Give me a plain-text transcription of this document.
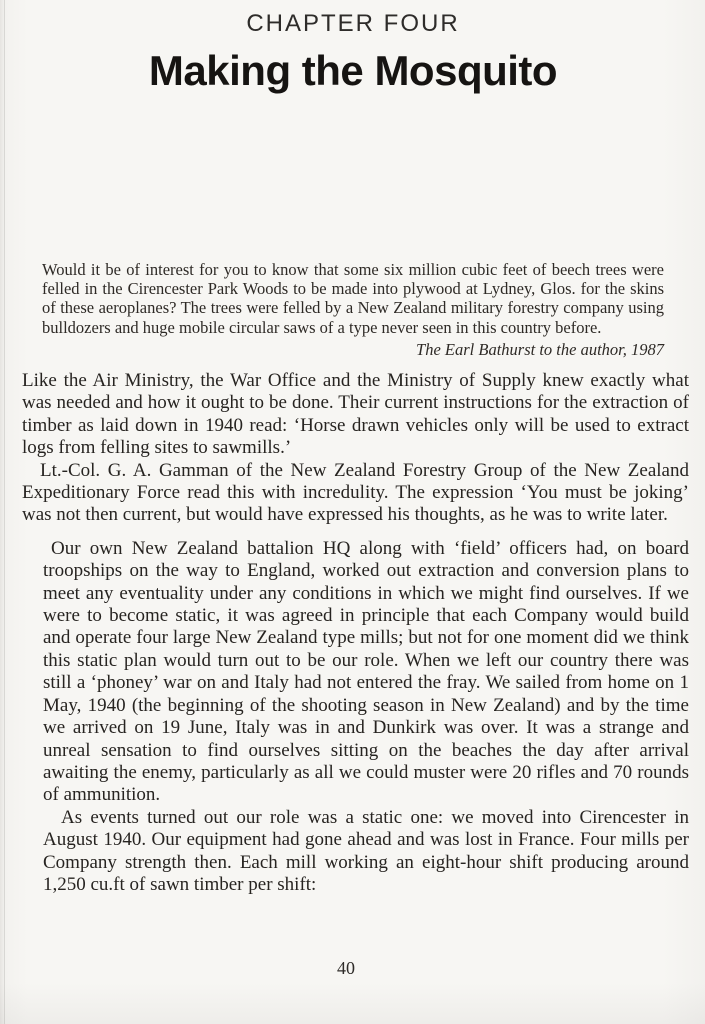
CHAPTER FOUR
Making the Mosquito
Would it be of interest for you to know that some six million cubic feet of beech trees were felled in the Cirencester Park Woods to be made into plywood at Lydney, Glos. for the skins of these aeroplanes? The trees were felled by a New Zealand military forestry company using bulldozers and huge mobile circular saws of a type never seen in this country before.
The Earl Bathurst to the author, 1987

Like the Air Ministry, the War Office and the Ministry of Supply knew exactly what was needed and how it ought to be done. Their current instructions for the extraction of timber as laid down in 1940 read: ‘Horse drawn vehicles only will be used to extract logs from felling sites to sawmills.’

Lt.-Col. G. A. Gamman of the New Zealand Forestry Group of the New Zealand Expeditionary Force read this with incredulity. The expression ‘You must be joking’ was not then current, but would have expressed his thoughts, as he was to write later.

Our own New Zealand battalion HQ along with ‘field’ officers had, on board troopships on the way to England, worked out extraction and conversion plans to meet any eventuality under any conditions in which we might find ourselves. If we were to become static, it was agreed in principle that each Company would build and operate four large New Zealand type mills; but not for one moment did we think this static plan would turn out to be our role. When we left our country there was still a ‘phoney’ war on and Italy had not entered the fray. We sailed from home on 1 May, 1940 (the beginning of the shooting season in New Zealand) and by the time we arrived on 19 June, Italy was in and Dunkirk was over. It was a strange and unreal sensation to find ourselves sitting on the beaches the day after arrival awaiting the enemy, particularly as all we could muster were 20 rifles and 70 rounds of ammunition.

As events turned out our role was a static one: we moved into Cirencester in August 1940. Our equipment had gone ahead and was lost in France. Four mills per Company strength then. Each mill working an eight-hour shift producing around 1,250 cu.ft of sawn timber per shift:

40
